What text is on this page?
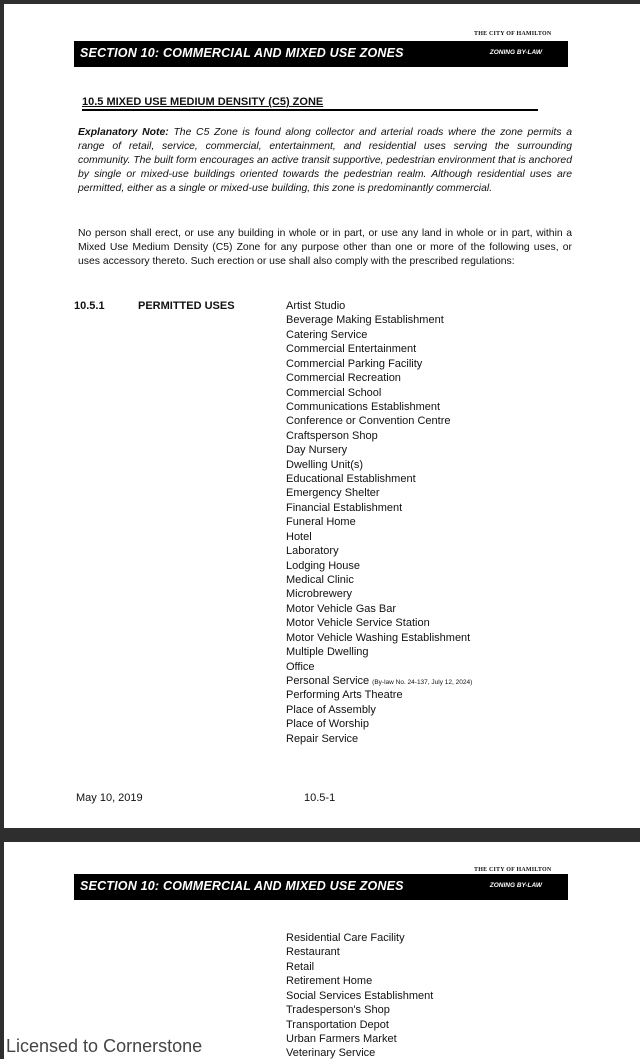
THE CITY OF HAMILTON
SECTION 10: COMMERCIAL AND MIXED USE ZONES	ZONING BY-LAW
10.5 MIXED USE MEDIUM DENSITY (C5) ZONE

Explanatory Note: The C5 Zone is found along collector and arterial roads where the zone permits a range of retail, service, commercial, entertainment, and residential uses serving the surrounding community. The built form encourages an active transit supportive, pedestrian environment that is anchored by single or mixed-use buildings oriented towards the pedestrian realm. Although residential uses are permitted, either as a single or mixed-use building, this zone is predominantly commercial.

No person shall erect, or use any building in whole or in part, or use any land in whole or in part, within a Mixed Use Medium Density (C5) Zone for any purpose other than one or more of the following uses, or uses accessory thereto. Such erection or use shall also comply with the prescribed regulations:

10.5.1	PERMITTED USES	Artist Studio
Beverage Making Establishment
Catering Service
Commercial Entertainment
Commercial Parking Facility
Commercial Recreation
Commercial School
Communications Establishment
Conference or Convention Centre
Craftsperson Shop
Day Nursery
Dwelling Unit(s)
Educational Establishment
Emergency Shelter
Financial Establishment
Funeral Home
Hotel
Laboratory
Lodging House
Medical Clinic
Microbrewery
Motor Vehicle Gas Bar
Motor Vehicle Service Station
Motor Vehicle Washing Establishment
Multiple Dwelling
Office
Personal Service (By-law No. 24-137, July 12, 2024)
Performing Arts Theatre
Place of Assembly
Place of Worship
Repair Service
May 10, 2019	10.5-1
THE CITY OF HAMILTON
SECTION 10: COMMERCIAL AND MIXED USE ZONES	ZONING BY-LAW
Residential Care Facility
Restaurant
Retail
Retirement Home
Social Services Establishment
Tradesperson's Shop
Transportation Depot
Urban Farmers Market
Veterinary Service
Licensed to Cornerstone
